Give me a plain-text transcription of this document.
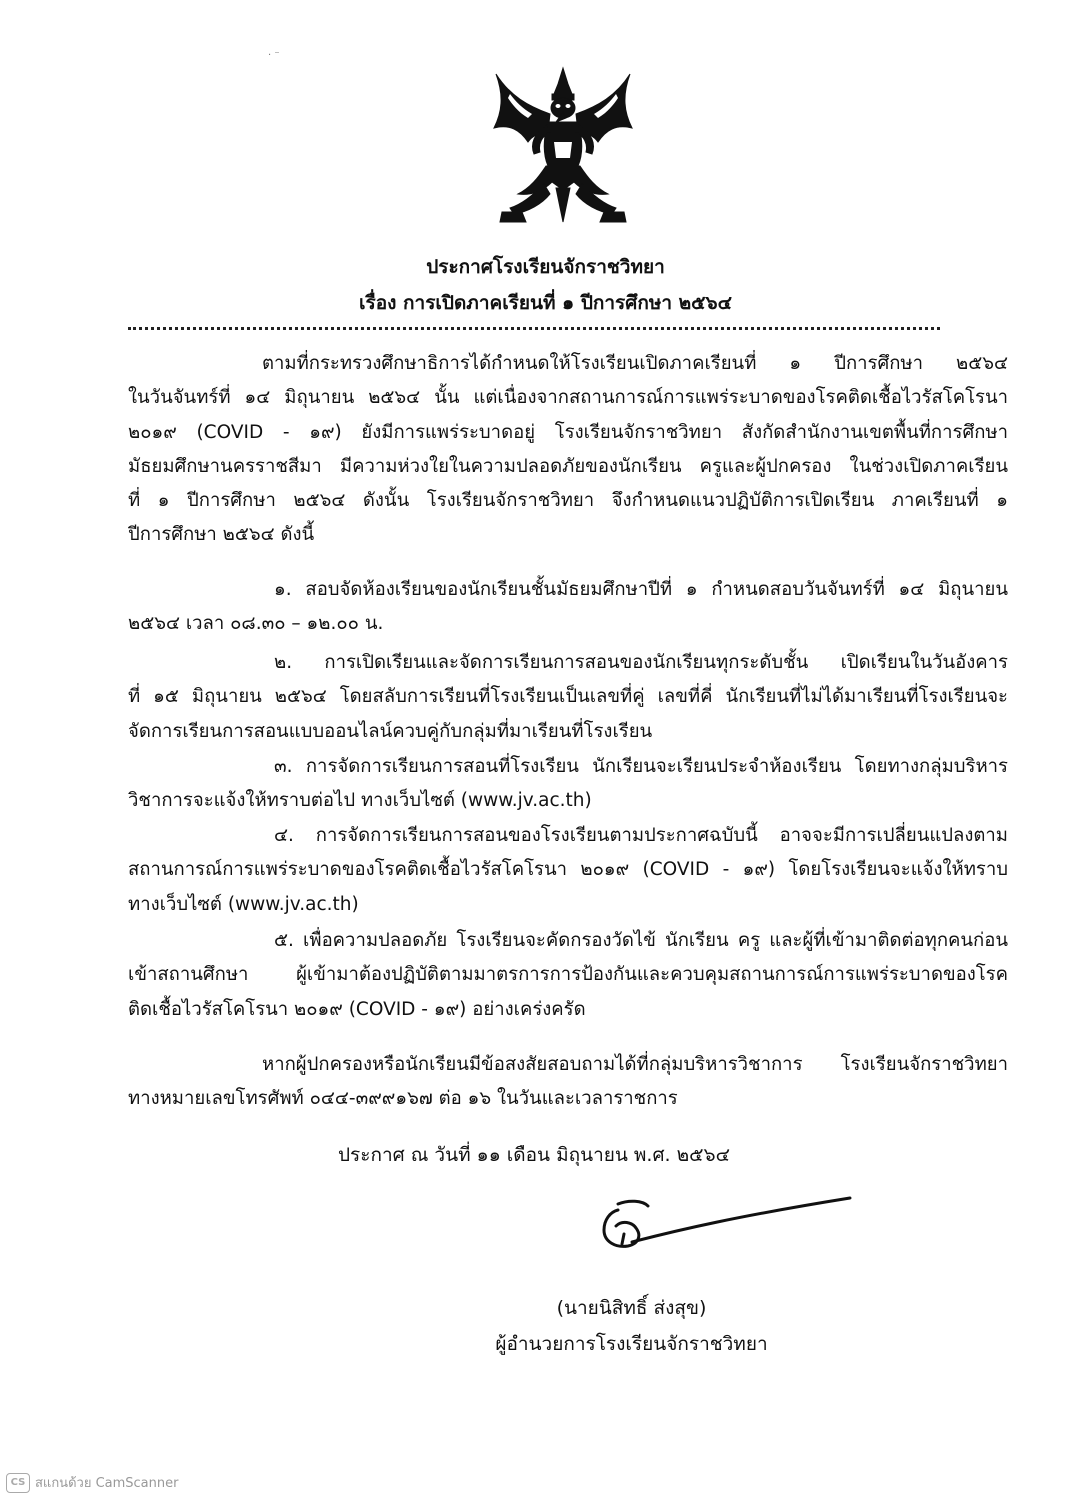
· ⁻
ประกาศโรงเรียนจักราชวิทยา
เรื่อง การเปิดภาคเรียนที่ ๑ ปีการศึกษา ๒๕๖๔
ตามที่กระทรวงศึกษาธิการได้กำหนดให้โรงเรียนเปิดภาคเรียนที่ ๑ ปีการศึกษา ๒๕๖๔
ในวันจันทร์ที่ ๑๔ มิถุนายน ๒๕๖๔ นั้น แต่เนื่องจากสถานการณ์การแพร่ระบาดของโรคติดเชื้อไวรัสโคโรนา
๒๐๑๙ (COVID - ๑๙) ยังมีการแพร่ระบาดอยู่ โรงเรียนจักราชวิทยา สังกัดสำนักงานเขตพื้นที่การศึกษา
มัธยมศึกษานครราชสีมา มีความห่วงใยในความปลอดภัยของนักเรียน ครูและผู้ปกครอง ในช่วงเปิดภาคเรียน
ที่ ๑ ปีการศึกษา ๒๕๖๔ ดังนั้น โรงเรียนจักราชวิทยา จึงกำหนดแนวปฏิบัติการเปิดเรียน ภาคเรียนที่ ๑
ปีการศึกษา ๒๕๖๔ ดังนี้
๑. สอบจัดห้องเรียนของนักเรียนชั้นมัธยมศึกษาปีที่ ๑ กำหนดสอบวันจันทร์ที่ ๑๔ มิถุนายน
๒๕๖๔ เวลา ๐๘.๓๐ – ๑๒.๐๐ น.
๒. การเปิดเรียนและจัดการเรียนการสอนของนักเรียนทุกระดับชั้น เปิดเรียนในวันอังคาร
ที่ ๑๕ มิถุนายน ๒๕๖๔ โดยสลับการเรียนที่โรงเรียนเป็นเลขที่คู่ เลขที่คี่ นักเรียนที่ไม่ได้มาเรียนที่โรงเรียนจะ
จัดการเรียนการสอนแบบออนไลน์ควบคู่กับกลุ่มที่มาเรียนที่โรงเรียน
๓. การจัดการเรียนการสอนที่โรงเรียน นักเรียนจะเรียนประจำห้องเรียน โดยทางกลุ่มบริหาร
วิชาการจะแจ้งให้ทราบต่อไป ทางเว็บไซต์ (www.jv.ac.th)
๔. การจัดการเรียนการสอนของโรงเรียนตามประกาศฉบับนี้ อาจจะมีการเปลี่ยนแปลงตาม
สถานการณ์การแพร่ระบาดของโรคติดเชื้อไวรัสโคโรนา ๒๐๑๙ (COVID - ๑๙) โดยโรงเรียนจะแจ้งให้ทราบ
ทางเว็บไซต์ (www.jv.ac.th)
๕. เพื่อความปลอดภัย โรงเรียนจะคัดกรองวัดไข้ นักเรียน ครู และผู้ที่เข้ามาติดต่อทุกคนก่อน
เข้าสถานศึกษา ผู้เข้ามาต้องปฏิบัติตามมาตรการการป้องกันและควบคุมสถานการณ์การแพร่ระบาดของโรค
ติดเชื้อไวรัสโคโรนา ๒๐๑๙ (COVID - ๑๙) อย่างเคร่งครัด
หากผู้ปกครองหรือนักเรียนมีข้อสงสัยสอบถามได้ที่กลุ่มบริหารวิชาการ โรงเรียนจักราชวิทยา
ทางหมายเลขโทรศัพท์ ๐๔๔-๓๙๙๑๖๗ ต่อ ๑๖ ในวันและเวลาราชการ
ประกาศ ณ วันที่ ๑๑ เดือน มิถุนายน พ.ศ. ๒๕๖๔
(นายนิสิทธิ์ ส่งสุข)
ผู้อำนวยการโรงเรียนจักราชวิทยา
CS สแกนด้วย CamScanner
